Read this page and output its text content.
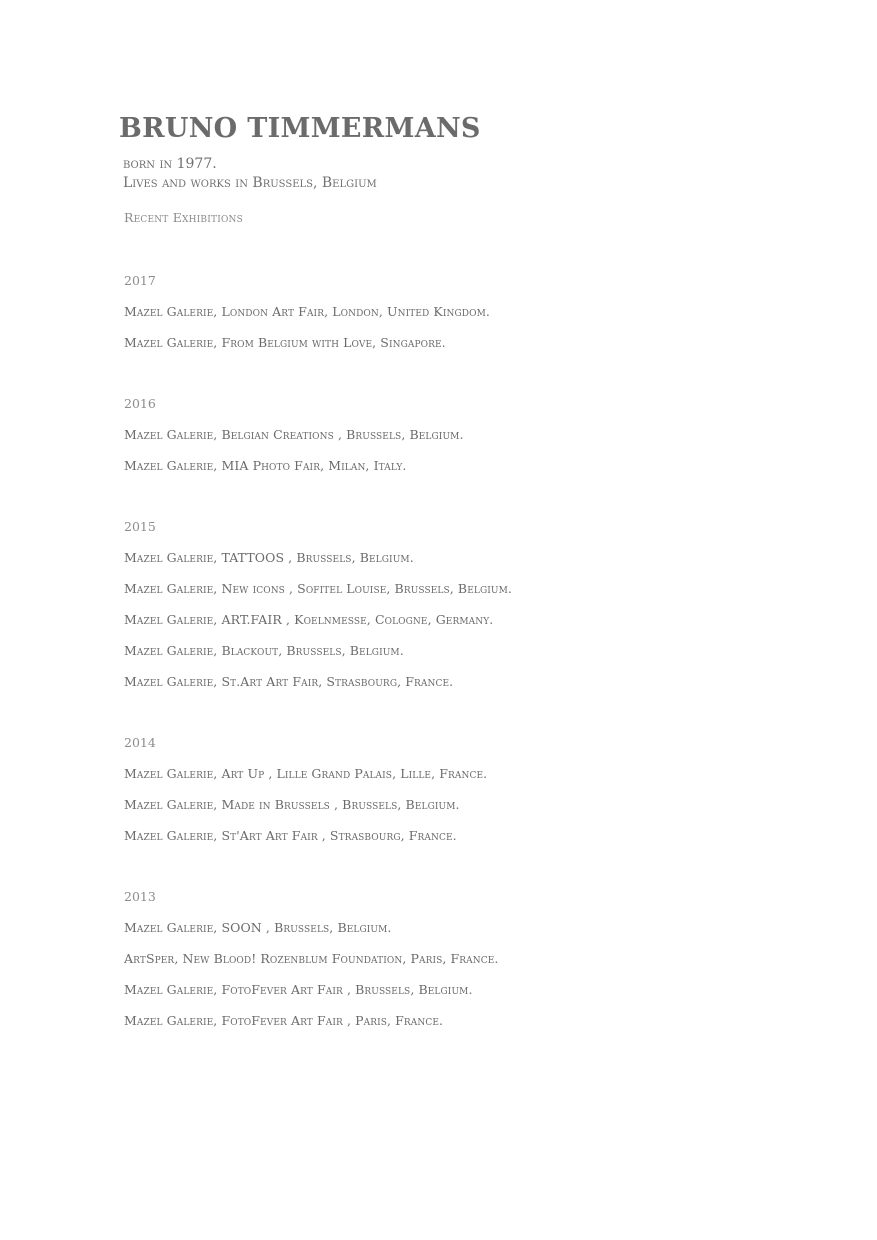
BRUNO TIMMERMANS
born in 1977.
Lives and works in Brussels, Belgium
Recent Exhibitions
2017
Mazel Galerie, London Art Fair, London, United Kingdom.
Mazel Galerie, From Belgium with Love, Singapore.
2016
Mazel Galerie, Belgian Creations , Brussels, Belgium.
Mazel Galerie, MIA Photo Fair, Milan, Italy.
2015
Mazel Galerie, TATTOOS , Brussels, Belgium.
Mazel Galerie, New icons , Sofitel Louise, Brussels, Belgium.
Mazel Galerie, ART.FAIR , Koelnmesse, Cologne, Germany.
Mazel Galerie, Blackout, Brussels, Belgium.
Mazel Galerie, St.Art Art Fair, Strasbourg, France.
2014
Mazel Galerie, Art Up , Lille Grand Palais, Lille, France.
Mazel Galerie, Made in Brussels , Brussels, Belgium.
Mazel Galerie, St'Art Art Fair , Strasbourg, France.
2013
Mazel Galerie, SOON , Brussels, Belgium.
ArtSper, New Blood! Rozenblum Foundation, Paris, France.
Mazel Galerie, FotoFever Art Fair , Brussels, Belgium.
Mazel Galerie, FotoFever Art Fair , Paris, France.
